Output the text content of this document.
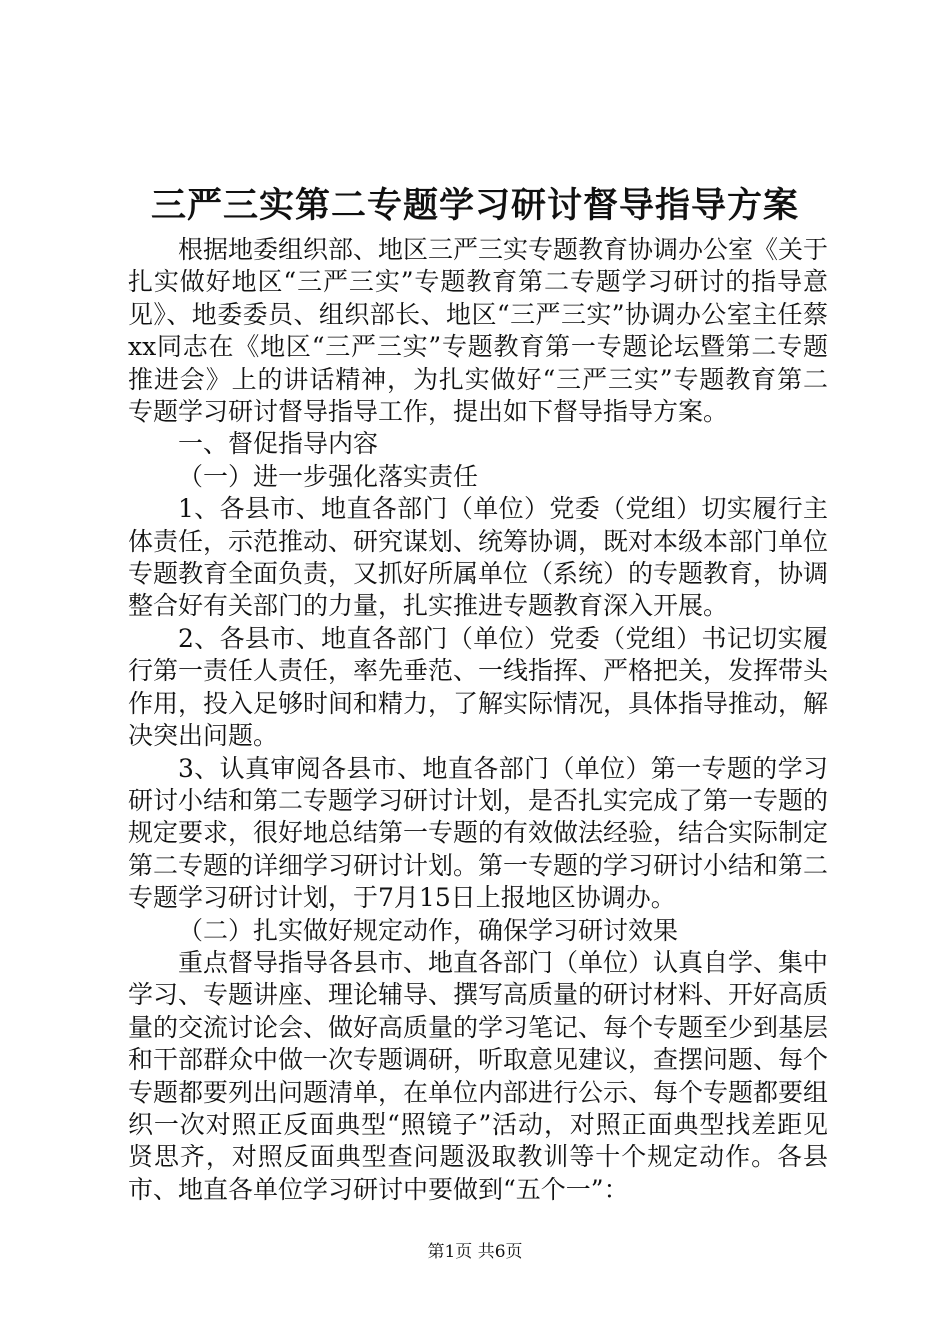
三严三实第二专题学习研讨督导指导方案

根据地委组织部、地区三严三实专题教育协调办公室《关于扎实做好地区“三严三实”专题教育第二专题学习研讨的指导意见》、地委委员、组织部长、地区“三严三实”协调办公室主任蔡xx同志在《地区“三严三实”专题教育第一专题论坛暨第二专题推进会》上的讲话精神，为扎实做好“三严三实”专题教育第二专题学习研讨督导指导工作，提出如下督导指导方案。

一、督促指导内容

（一）进一步强化落实责任

1、各县市、地直各部门（单位）党委（党组）切实履行主体责任，示范推动、研究谋划、统筹协调，既对本级本部门单位专题教育全面负责，又抓好所属单位（系统）的专题教育，协调整合好有关部门的力量，扎实推进专题教育深入开展。

2、各县市、地直各部门（单位）党委（党组）书记切实履行第一责任人责任，率先垂范、一线指挥、严格把关，发挥带头作用，投入足够时间和精力，了解实际情况，具体指导推动，解决突出问题。

3、认真审阅各县市、地直各部门（单位）第一专题的学习研讨小结和第二专题学习研讨计划，是否扎实完成了第一专题的规定要求，很好地总结第一专题的有效做法经验，结合实际制定第二专题的详细学习研讨计划。第一专题的学习研讨小结和第二专题学习研讨计划，于7月15日上报地区协调办。

（二）扎实做好规定动作，确保学习研讨效果

重点督导指导各县市、地直各部门（单位）认真自学、集中学习、专题讲座、理论辅导、撰写高质量的研讨材料、开好高质量的交流讨论会、做好高质量的学习笔记、每个专题至少到基层和干部群众中做一次专题调研，听取意见建议，查摆问题、每个专题都要列出问题清单，在单位内部进行公示、每个专题都要组织一次对照正反面典型“照镜子”活动，对照正面典型找差距见贤思齐，对照反面典型查问题汲取教训等十个规定动作。各县市、地直各单位学习研讨中要做到“五个一”：

第1页 共6页
